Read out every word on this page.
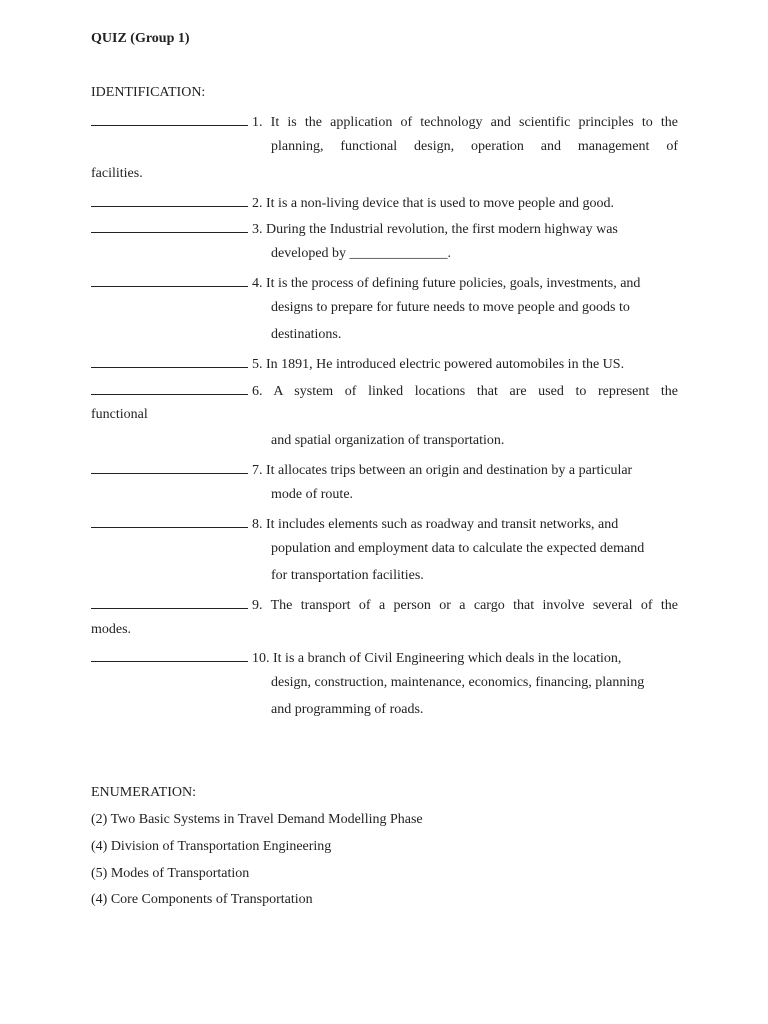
QUIZ (Group 1)
IDENTIFICATION:
1. It is the application of technology and scientific principles to the
planning, functional design, operation and management of
facilities.
2. It is a non-living device that is used to move people and good.
3. During the Industrial revolution, the first modern highway was
developed by ______________.
4. It is the process of defining future policies, goals, investments, and
designs to prepare for future needs to move people and goods to
destinations.
5. In 1891, He introduced electric powered automobiles in the US.
6. A system of linked locations that are used to represent the
functional
and spatial organization of transportation.
7. It allocates trips between an origin and destination by a particular
mode of route.
8. It includes elements such as roadway and transit networks, and
population and employment data to calculate the expected demand
for transportation facilities.
9. The transport of a person or a cargo that involve several of the
modes.
10. It is a branch of Civil Engineering which deals in the location,
design, construction, maintenance, economics, financing, planning
and programming of roads.
ENUMERATION:
(2) Two Basic Systems in Travel Demand Modelling Phase
(4) Division of Transportation Engineering
(5) Modes of Transportation
(4) Core Components of Transportation
